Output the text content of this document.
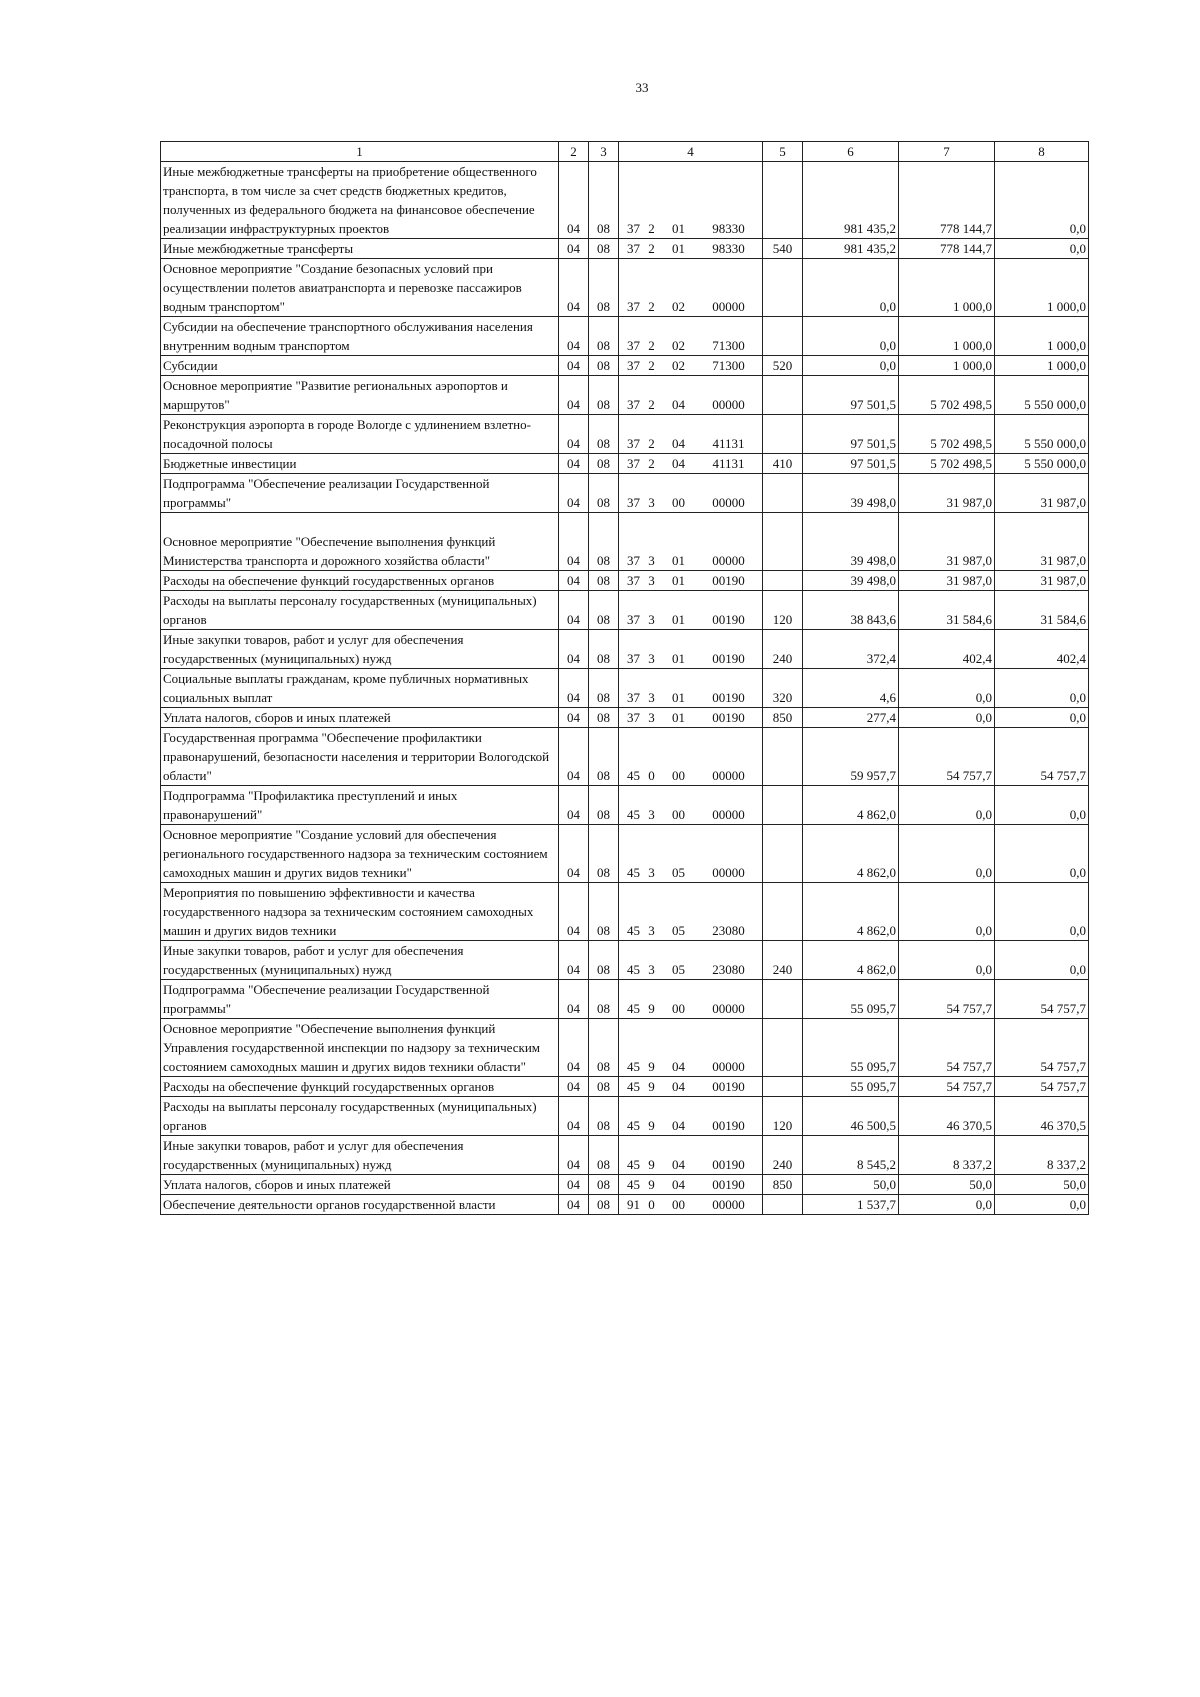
33
1	2	3	4	5	6	7	8
Иные межбюджетные трансферты на приобретение общественного транспорта, в том числе за счет средств бюджетных кредитов, полученных из федерального бюджета на финансовое обеспечение реализации инфраструктурных проектов	04	08	37 2 01 98330		981 435,2	778 144,7	0,0
Иные межбюджетные трансферты	04	08	37 2 01 98330	540	981 435,2	778 144,7	0,0
Основное мероприятие "Создание безопасных условий при осуществлении полетов авиатранспорта и перевозке пассажиров водным транспортом"	04	08	37 2 02 00000		0,0	1 000,0	1 000,0
Субсидии на обеспечение транспортного обслуживания населения внутренним водным транспортом	04	08	37 2 02 71300		0,0	1 000,0	1 000,0
Субсидии	04	08	37 2 02 71300	520	0,0	1 000,0	1 000,0
Основное мероприятие "Развитие региональных аэропортов и маршрутов"	04	08	37 2 04 00000		97 501,5	5 702 498,5	5 550 000,0
Реконструкция аэропорта в городе Вологде с удлинением взлетно-посадочной полосы	04	08	37 2 04 41131		97 501,5	5 702 498,5	5 550 000,0
Бюджетные инвестиции	04	08	37 2 04 41131	410	97 501,5	5 702 498,5	5 550 000,0
Подпрограмма "Обеспечение реализации Государственной программы"	04	08	37 3 00 00000		39 498,0	31 987,0	31 987,0
Основное мероприятие "Обеспечение выполнения функций Министерства транспорта и дорожного хозяйства области"	04	08	37 3 01 00000		39 498,0	31 987,0	31 987,0
Расходы на обеспечение функций государственных органов	04	08	37 3 01 00190		39 498,0	31 987,0	31 987,0
Расходы на выплаты персоналу государственных (муниципальных) органов	04	08	37 3 01 00190	120	38 843,6	31 584,6	31 584,6
Иные закупки товаров, работ и услуг для обеспечения государственных (муниципальных) нужд	04	08	37 3 01 00190	240	372,4	402,4	402,4
Социальные выплаты гражданам, кроме публичных нормативных социальных выплат	04	08	37 3 01 00190	320	4,6	0,0	0,0
Уплата налогов, сборов и иных платежей	04	08	37 3 01 00190	850	277,4	0,0	0,0
Государственная программа "Обеспечение профилактики правонарушений, безопасности населения и территории Вологодской области"	04	08	45 0 00 00000		59 957,7	54 757,7	54 757,7
Подпрограмма "Профилактика преступлений и иных правонарушений"	04	08	45 3 00 00000		4 862,0	0,0	0,0
Основное мероприятие "Создание условий для обеспечения регионального государственного надзора за техническим состоянием самоходных машин и других видов техники"	04	08	45 3 05 00000		4 862,0	0,0	0,0
Мероприятия по повышению эффективности и качества государственного надзора за техническим состоянием самоходных машин и других видов техники	04	08	45 3 05 23080		4 862,0	0,0	0,0
Иные закупки товаров, работ и услуг для обеспечения государственных (муниципальных) нужд	04	08	45 3 05 23080	240	4 862,0	0,0	0,0
Подпрограмма "Обеспечение реализации Государственной программы"	04	08	45 9 00 00000		55 095,7	54 757,7	54 757,7
Основное мероприятие "Обеспечение выполнения функций Управления государственной инспекции по надзору за техническим состоянием самоходных машин и других видов техники области"	04	08	45 9 04 00000		55 095,7	54 757,7	54 757,7
Расходы на обеспечение функций государственных органов	04	08	45 9 04 00190		55 095,7	54 757,7	54 757,7
Расходы на выплаты персоналу государственных (муниципальных) органов	04	08	45 9 04 00190	120	46 500,5	46 370,5	46 370,5
Иные закупки товаров, работ и услуг для обеспечения государственных (муниципальных) нужд	04	08	45 9 04 00190	240	8 545,2	8 337,2	8 337,2
Уплата налогов, сборов и иных платежей	04	08	45 9 04 00190	850	50,0	50,0	50,0
Обеспечение деятельности органов государственной власти	04	08	91 0 00 00000		1 537,7	0,0	0,0
